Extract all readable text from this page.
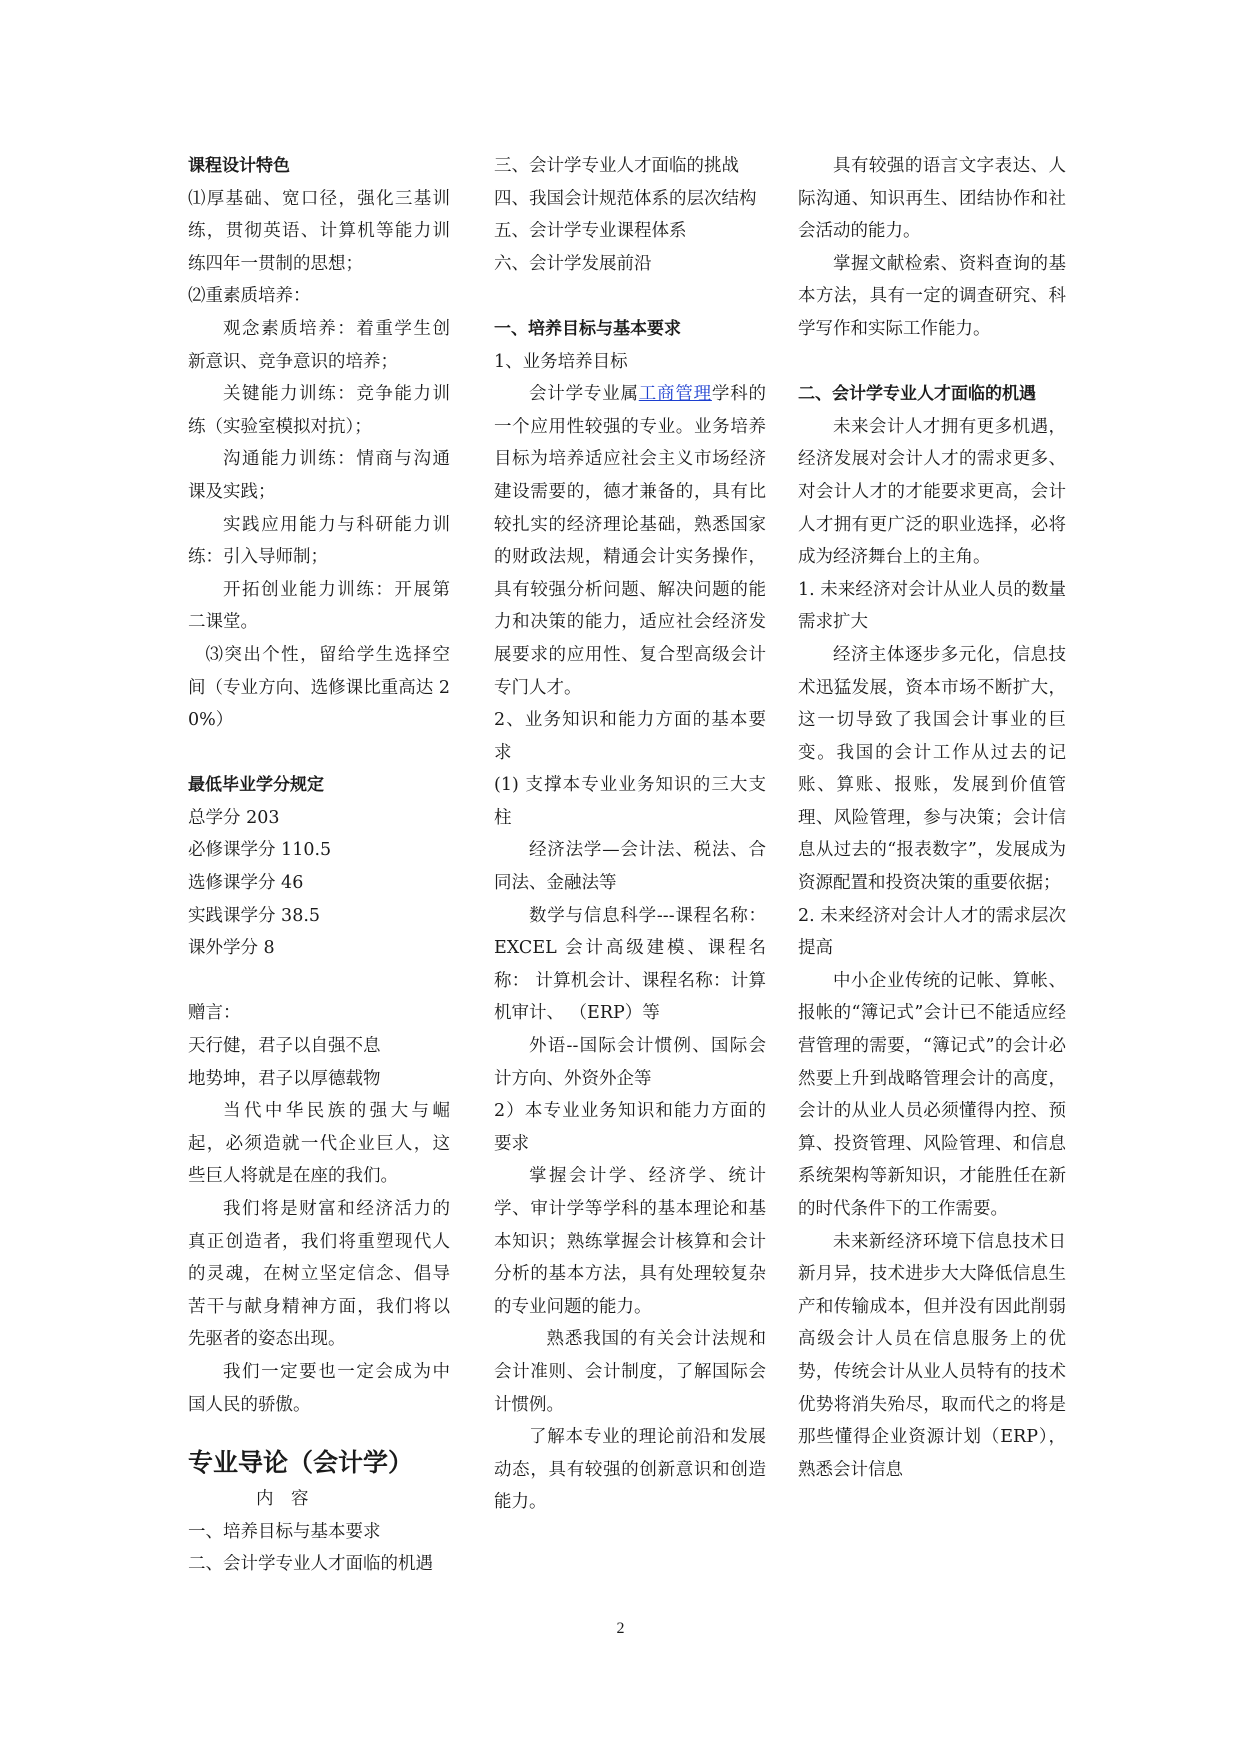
课程设计特色

⑴厚基础、宽口径，强化三基训练，贯彻英语、计算机等能力训练四年一贯制的思想；

⑵重素质培养：

观念素质培养：着重学生创新意识、竞争意识的培养；

关键能力训练：竞争能力训练（实验室模拟对抗）；

沟通能力训练：情商与沟通课及实践；

实践应用能力与科研能力训练：引入导师制；

开拓创业能力训练：开展第二课堂。

⑶突出个性，留给学生选择空间（专业方向、选修课比重高达 20%）

最低毕业学分规定

总学分 203

必修课学分 110.5

选修课学分 46

实践课学分 38.5

课外学分 8

赠言：

天行健，君子以自强不息

地势坤，君子以厚德载物

当代中华民族的强大与崛起，必须造就一代企业巨人，这些巨人将就是在座的我们。

我们将是财富和经济活力的真正创造者，我们将重塑现代人的灵魂，在树立坚定信念、倡导苦干与献身精神方面，我们将以先驱者的姿态出现。

我们一定要也一定会成为中国人民的骄傲。

专业导论（会计学）

内　容

一、培养目标与基本要求

二、会计学专业人才面临的机遇

三、会计学专业人才面临的挑战

四、我国会计规范体系的层次结构

五、会计学专业课程体系

六、会计学发展前沿

一、培养目标与基本要求

1、业务培养目标

会计学专业属工商管理学科的一个应用性较强的专业。业务培养目标为培养适应社会主义市场经济建设需要的，德才兼备的，具有比较扎实的经济理论基础，熟悉国家的财政法规，精通会计实务操作，具有较强分析问题、解决问题的能力和决策的能力，适应社会经济发展要求的应用性、复合型高级会计专门人才。

2、业务知识和能力方面的基本要求

(1) 支撑本专业业务知识的三大支柱

经济法学—会计法、税法、合同法、金融法等

数学与信息科学---课程名称： EXCEL 会计高级建模、课程名称： 计算机会计、课程名称：计算机审计、 （ERP）等

外语--国际会计惯例、国际会计方向、外资外企等

2）本专业业务知识和能力方面的要求

掌握会计学、经济学、统计学、审计学等学科的基本理论和基本知识；熟练掌握会计核算和会计分析的基本方法，具有处理较复杂的专业问题的能力。

熟悉我国的有关会计法规和会计准则、会计制度，了解国际会计惯例。

了解本专业的理论前沿和发展动态，具有较强的创新意识和创造能力。

具有较强的语言文字表达、人际沟通、知识再生、团结协作和社会活动的能力。

掌握文献检索、资料查询的基本方法，具有一定的调查研究、科学写作和实际工作能力。

二、会计学专业人才面临的机遇

未来会计人才拥有更多机遇，经济发展对会计人才的需求更多、对会计人才的才能要求更高，会计人才拥有更广泛的职业选择，必将成为经济舞台上的主角。

1. 未来经济对会计从业人员的数量需求扩大

经济主体逐步多元化，信息技术迅猛发展，资本市场不断扩大，这一切导致了我国会计事业的巨变。我国的会计工作从过去的记账、算账、报账，发展到价值管理、风险管理，参与决策；会计信息从过去的“报表数字”，发展成为资源配置和投资决策的重要依据；

2. 未来经济对会计人才的需求层次提高

中小企业传统的记帐、算帐、报帐的“簿记式”会计已不能适应经营管理的需要，“簿记式”的会计必然要上升到战略管理会计的高度，会计的从业人员必须懂得内控、预算、投资管理、风险管理、和信息系统架构等新知识，才能胜任在新的时代条件下的工作需要。

未来新经济环境下信息技术日新月异，技术进步大大降低信息生产和传输成本，但并没有因此削弱高级会计人员在信息服务上的优势，传统会计从业人员特有的技术优势将消失殆尽，取而代之的将是那些懂得企业资源计划（ERP），熟悉会计信息

2
